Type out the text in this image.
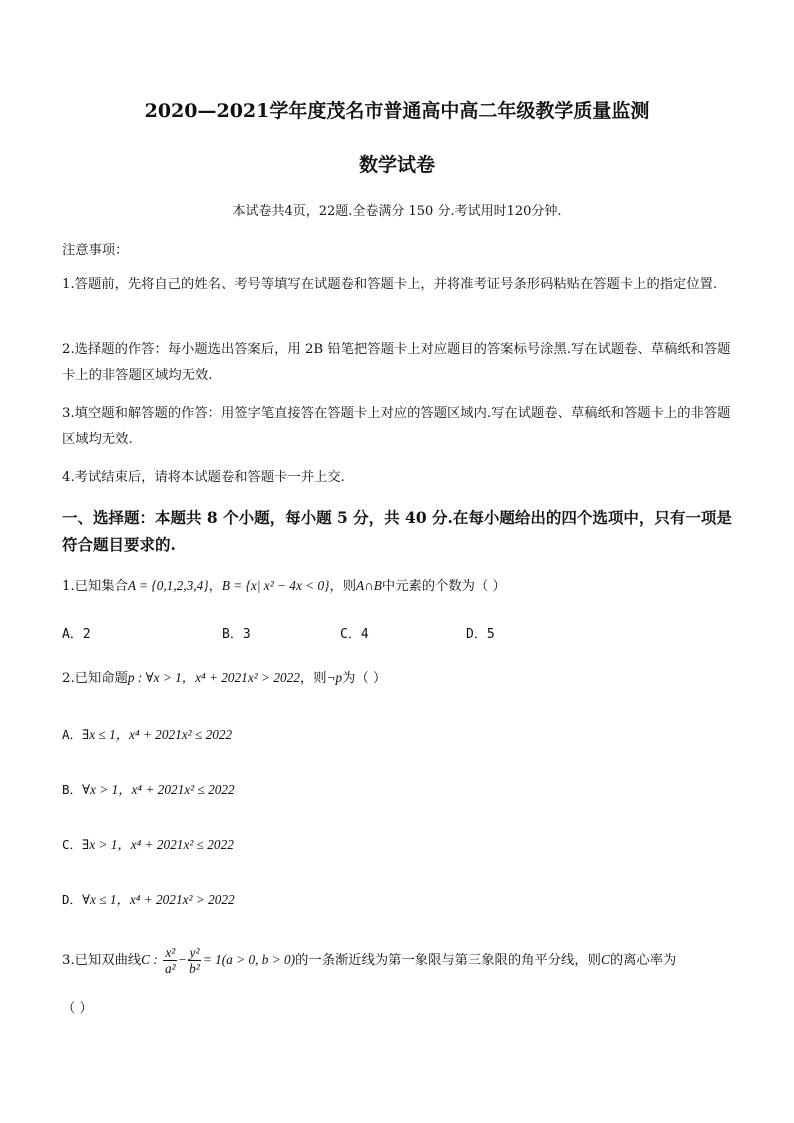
2020—2021学年度茂名市普通高中高二年级教学质量监测
数学试卷
本试卷共4页，22题.全卷满分 150 分.考试用时120分钟.
注意事项：
1.答题前，先将自己的姓名、考号等填写在试题卷和答题卡上，并将准考证号条形码粘贴在答题卡上的指定位置.
2.选择题的作答：每小题选出答案后，用 2B 铅笔把答题卡上对应题目的答案标号涂黑.写在试题卷、草稿纸和答题卡上的非答题区域均无效.
3.填空题和解答题的作答：用签字笔直接答在答题卡上对应的答题区域内.写在试题卷、草稿纸和答题卡上的非答题区域均无效.
4.考试结束后，请将本试题卷和答题卡一并上交.
一、选择题：本题共 8 个小题，每小题 5 分，共 40 分.在每小题给出的四个选项中，只有一项是符合题目要求的.
1.已知集合A = {0,1,2,3,4}，B = {x| x² − 4x < 0}，则A∩B中元素的个数为（ ）
A．2	B．3	C．4	D．5
2.已知命题p : ∀x > 1，x⁴ + 2021x² > 2022，则¬p为（ ）
A．∃x ≤ 1，x⁴ + 2021x² ≤ 2022
B．∀x > 1，x⁴ + 2021x² ≤ 2022
C．∃x > 1，x⁴ + 2021x² ≤ 2022
D．∀x ≤ 1，x⁴ + 2021x² > 2022
3.已知双曲线C : $\frac{\text{x²}}{\text{a²}} - \frac{\text{y²}}{\text{b²}} = 1(a > 0$, b > 0)的一条渐近线为第一象限与第三象限的角平分线，则C的离心率为
（ ）
